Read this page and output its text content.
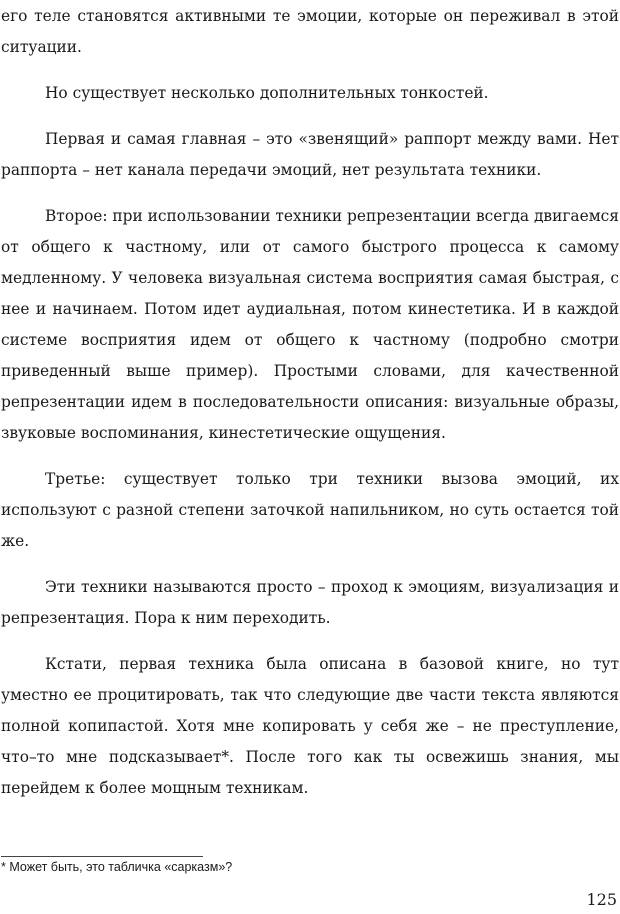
его теле становятся активными те эмоции, которые он переживал в этой ситуации.

Но существует несколько дополнительных тонкостей.

Первая и самая главная – это «звенящий» раппорт между вами. Нет раппорта – нет канала передачи эмоций, нет результата техники.

Второе: при использовании техники репрезентации всегда двигаемся от общего к частному, или от самого быстрого процесса к самому медленному. У человека визуальная система восприятия самая быстрая, с нее и начинаем. Потом идет аудиальная, потом кинестетика. И в каждой системе восприятия идем от общего к частному (подробно смотри приведенный выше пример). Простыми словами, для качественной репрезентации идем в последовательности описания: визуальные образы, звуковые воспоминания, кинестетические ощущения.

Третье: существует только три техники вызова эмоций, их используют с разной степени заточкой напильником, но суть остается той же.

Эти техники называются просто – проход к эмоциям, визуализация и репрезентация. Пора к ним переходить.

Кстати, первая техника была описана в базовой книге, но тут уместно ее процитировать, так что следующие две части текста являются полной копипастой. Хотя мне копировать у себя же – не преступление, что–то мне подсказывает*. После того как ты освежишь знания, мы перейдем к более мощным техникам.

* Может быть, это табличка «сарказм»?
125
